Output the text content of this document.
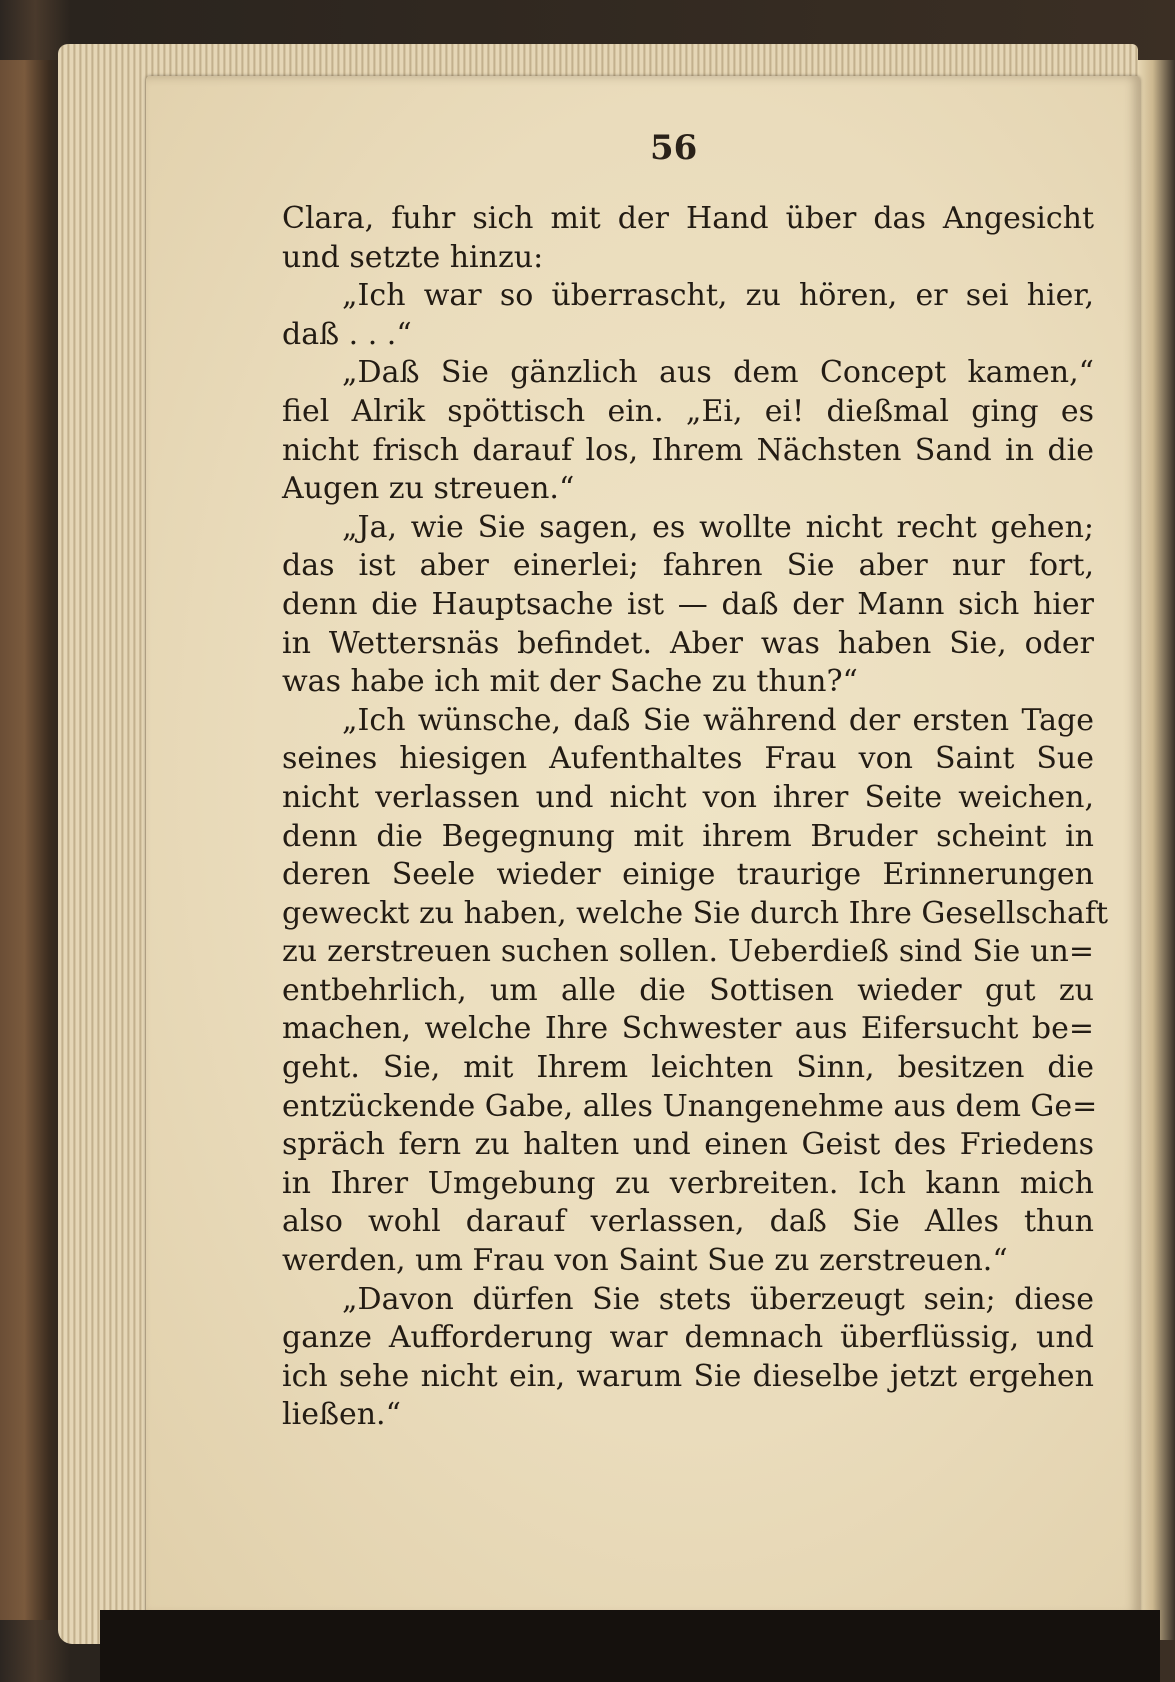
56
Clara, fuhr sich mit der Hand über das Angesicht
und setzte hinzu:
„Ich war so überrascht, zu hören, er sei hier,
daß . . .“
„Daß Sie gänzlich aus dem Concept kamen,“
fiel Alrik spöttisch ein. „Ei, ei! dießmal ging es
nicht frisch darauf los, Ihrem Nächsten Sand in die
Augen zu streuen.“
„Ja, wie Sie sagen, es wollte nicht recht gehen;
das ist aber einerlei; fahren Sie aber nur fort,
denn die Hauptsache ist — daß der Mann sich hier
in Wettersnäs befindet. Aber was haben Sie, oder
was habe ich mit der Sache zu thun?“
„Ich wünsche, daß Sie während der ersten Tage
seines hiesigen Aufenthaltes Frau von Saint Sue
nicht verlassen und nicht von ihrer Seite weichen,
denn die Begegnung mit ihrem Bruder scheint in
deren Seele wieder einige traurige Erinnerungen
geweckt zu haben, welche Sie durch Ihre Gesellschaft
zu zerstreuen suchen sollen. Ueberdieß sind Sie un=
entbehrlich, um alle die Sottisen wieder gut zu
machen, welche Ihre Schwester aus Eifersucht be=
geht. Sie, mit Ihrem leichten Sinn, besitzen die
entzückende Gabe, alles Unangenehme aus dem Ge=
spräch fern zu halten und einen Geist des Friedens
in Ihrer Umgebung zu verbreiten. Ich kann mich
also wohl darauf verlassen, daß Sie Alles thun
werden, um Frau von Saint Sue zu zerstreuen.“
„Davon dürfen Sie stets überzeugt sein; diese
ganze Aufforderung war demnach überflüssig, und
ich sehe nicht ein, warum Sie dieselbe jetzt ergehen
ließen.“
